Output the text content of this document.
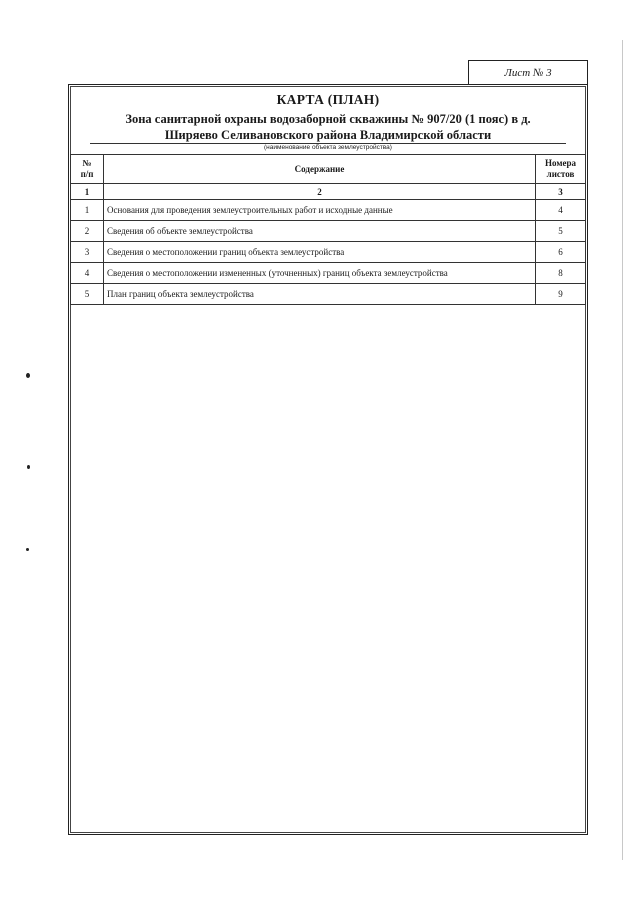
Лист № 3
КАРТА (ПЛАН)
Зона санитарной охраны водозаборной скважины № 907/20 (1 пояс) в д.
Ширяево Селивановского района Владимирской области
(наименование объекта землеустройства)
№
п/п	Содержание	Номера листов
1	2	3
1	Основания для проведения землеустроительных работ и исходные данные	4
2	Сведения об объекте землеустройства	5
3	Сведения о местоположении границ объекта землеустройства	6
4	Сведения о местоположении измененных (уточненных) границ объекта землеустройства	8
5	План границ объекта землеустройства	9
